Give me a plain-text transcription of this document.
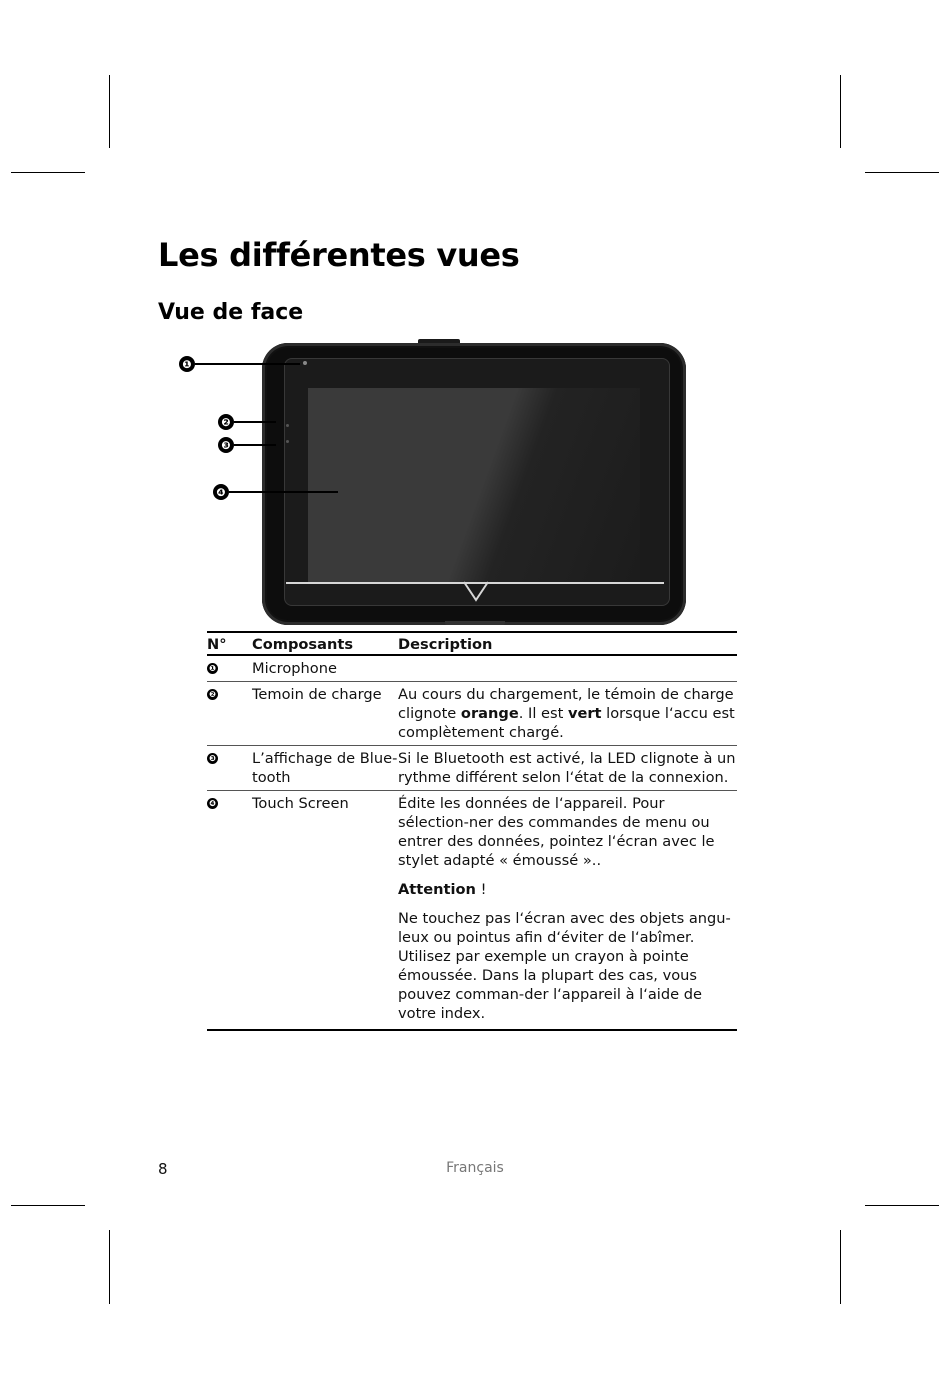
Les différentes vues
Vue de face
❶
❷
❸
❹
N°	Composants	Description
❶	Microphone	
❷	Temoin de charge	Au cours du chargement, le témoin de charge clignote orange. Il est vert lorsque l‘accu est complètement chargé.
❸	L’affichage de Blue-tooth	Si le Bluetooth est activé, la LED clignote à un rythme différent selon l‘état de la connexion.
❹	Touch Screen	Édite les données de l‘appareil. Pour sélection-ner des commandes de menu ou entrer des données, pointez l‘écran avec le stylet adapté « émoussé »..

Attention !

Ne touchez pas l‘écran avec des objets angu-leux ou pointus afin d‘éviter de l‘abîmer. Utilisez par exemple un crayon à pointe émoussée. Dans la plupart des cas, vous pouvez comman-der l‘appareil à l‘aide de votre index.

8	Français
